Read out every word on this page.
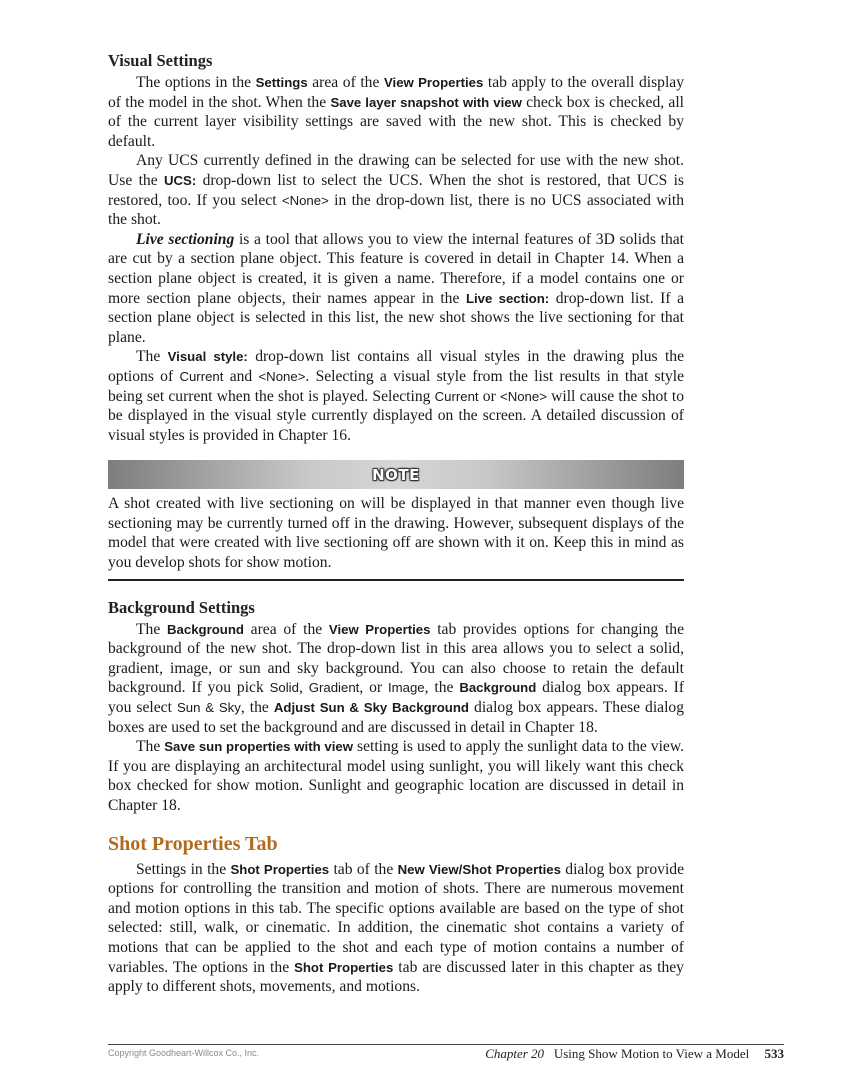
Visual Settings

The options in the Settings area of the View Properties tab apply to the overall display of the model in the shot. When the Save layer snapshot with view check box is checked, all of the current layer visibility settings are saved with the new shot. This is checked by default.

Any UCS currently defined in the drawing can be selected for use with the new shot. Use the UCS: drop-down list to select the UCS. When the shot is restored, that UCS is restored, too. If you select <None> in the drop-down list, there is no UCS associated with the shot.

Live sectioning is a tool that allows you to view the internal features of 3D solids that are cut by a section plane object. This feature is covered in detail in Chapter 14. When a section plane object is created, it is given a name. Therefore, if a model contains one or more section plane objects, their names appear in the Live section: drop-down list. If a section plane object is selected in this list, the new shot shows the live sectioning for that plane.

The Visual style: drop-down list contains all visual styles in the drawing plus the options of Current and <None>. Selecting a visual style from the list results in that style being set current when the shot is played. Selecting Current or <None> will cause the shot to be displayed in the visual style currently displayed on the screen. A detailed discussion of visual styles is provided in Chapter 16.

NOTE

A shot created with live sectioning on will be displayed in that manner even though live sectioning may be currently turned off in the drawing. However, subsequent displays of the model that were created with live sectioning off are shown with it on. Keep this in mind as you develop shots for show motion.

Background Settings

The Background area of the View Properties tab provides options for changing the background of the new shot. The drop-down list in this area allows you to select a solid, gradient, image, or sun and sky background. You can also choose to retain the default background. If you pick Solid, Gradient, or Image, the Background dialog box appears. If you select Sun & Sky, the Adjust Sun & Sky Background dialog box appears. These dialog boxes are used to set the background and are discussed in detail in Chapter 18.

The Save sun properties with view setting is used to apply the sunlight data to the view. If you are displaying an architectural model using sunlight, you will likely want this check box checked for show motion. Sunlight and geographic location are discussed in detail in Chapter 18.

Shot Properties Tab

Settings in the Shot Properties tab of the New View/Shot Properties dialog box provide options for controlling the transition and motion of shots. There are numerous movement and motion options in this tab. The specific options available are based on the type of shot selected: still, walk, or cinematic. In addition, the cinematic shot contains a variety of motions that can be applied to the shot and each type of motion contains a number of variables. The options in the Shot Properties tab are discussed later in this chapter as they apply to different shots, movements, and motions.

Copyright Goodheart-Willcox Co., Inc.	Chapter 20 Using Show Motion to View a Model 533
